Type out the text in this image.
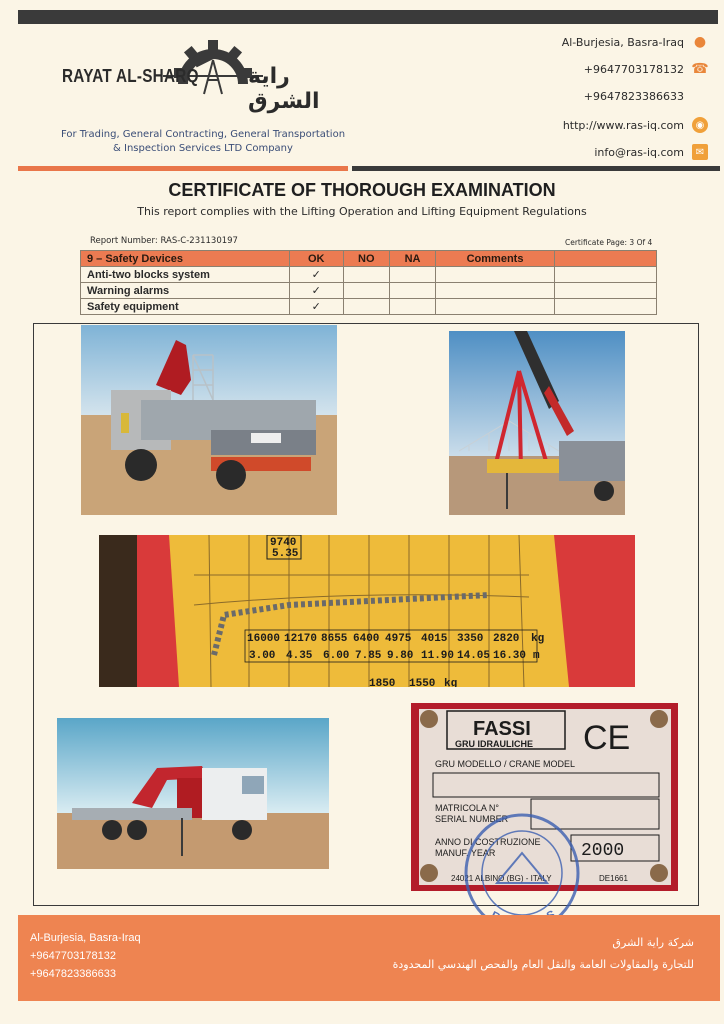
RAYAT AL-SHARQ راية الشرق
For Trading, General Contracting, General Transportation
& Inspection Services LTD Company
Al-Burjesia, Basra-Iraq ●
+9647703178132 ☎
+9647823386633
http://www.ras-iq.com	◉
info@ras-iq.com	✉
CERTIFICATE OF THOROUGH EXAMINATION
This report complies with the Lifting Operation and Lifting Equipment Regulations
Report Number: RAS-C-231130197	Certificate Page: 3 Of 4
9 – Safety Devices	OK	NO	NA	Comments	
Anti-two blocks system	✓				
Warning alarms	✓				
Safety equipment	✓				
9740
5.35
16000 12170 8655 6400 4975 4015 3350 2820 kg
3.00 4.35 6.00 7.85 9.80 11.90 14.05 16.30 m
1850 1550 kg
FASSI
GRU IDRAULICHE CE
GRU MODELLO / CRANE MODEL
MATRICOLA N°
SERIAL NUMBER
ANNO DI COSTRUZIONE
MANUF. YEAR	2000
24021 ALBINO (BG) - ITALY	DE1661
Al-Burjesia, Basra-Iraq
+9647703178132
+9647823386633
شركة راية الشرق
للتجارة والمقاولات العامة والنقل العام والفحص الهندسي المحدودة
